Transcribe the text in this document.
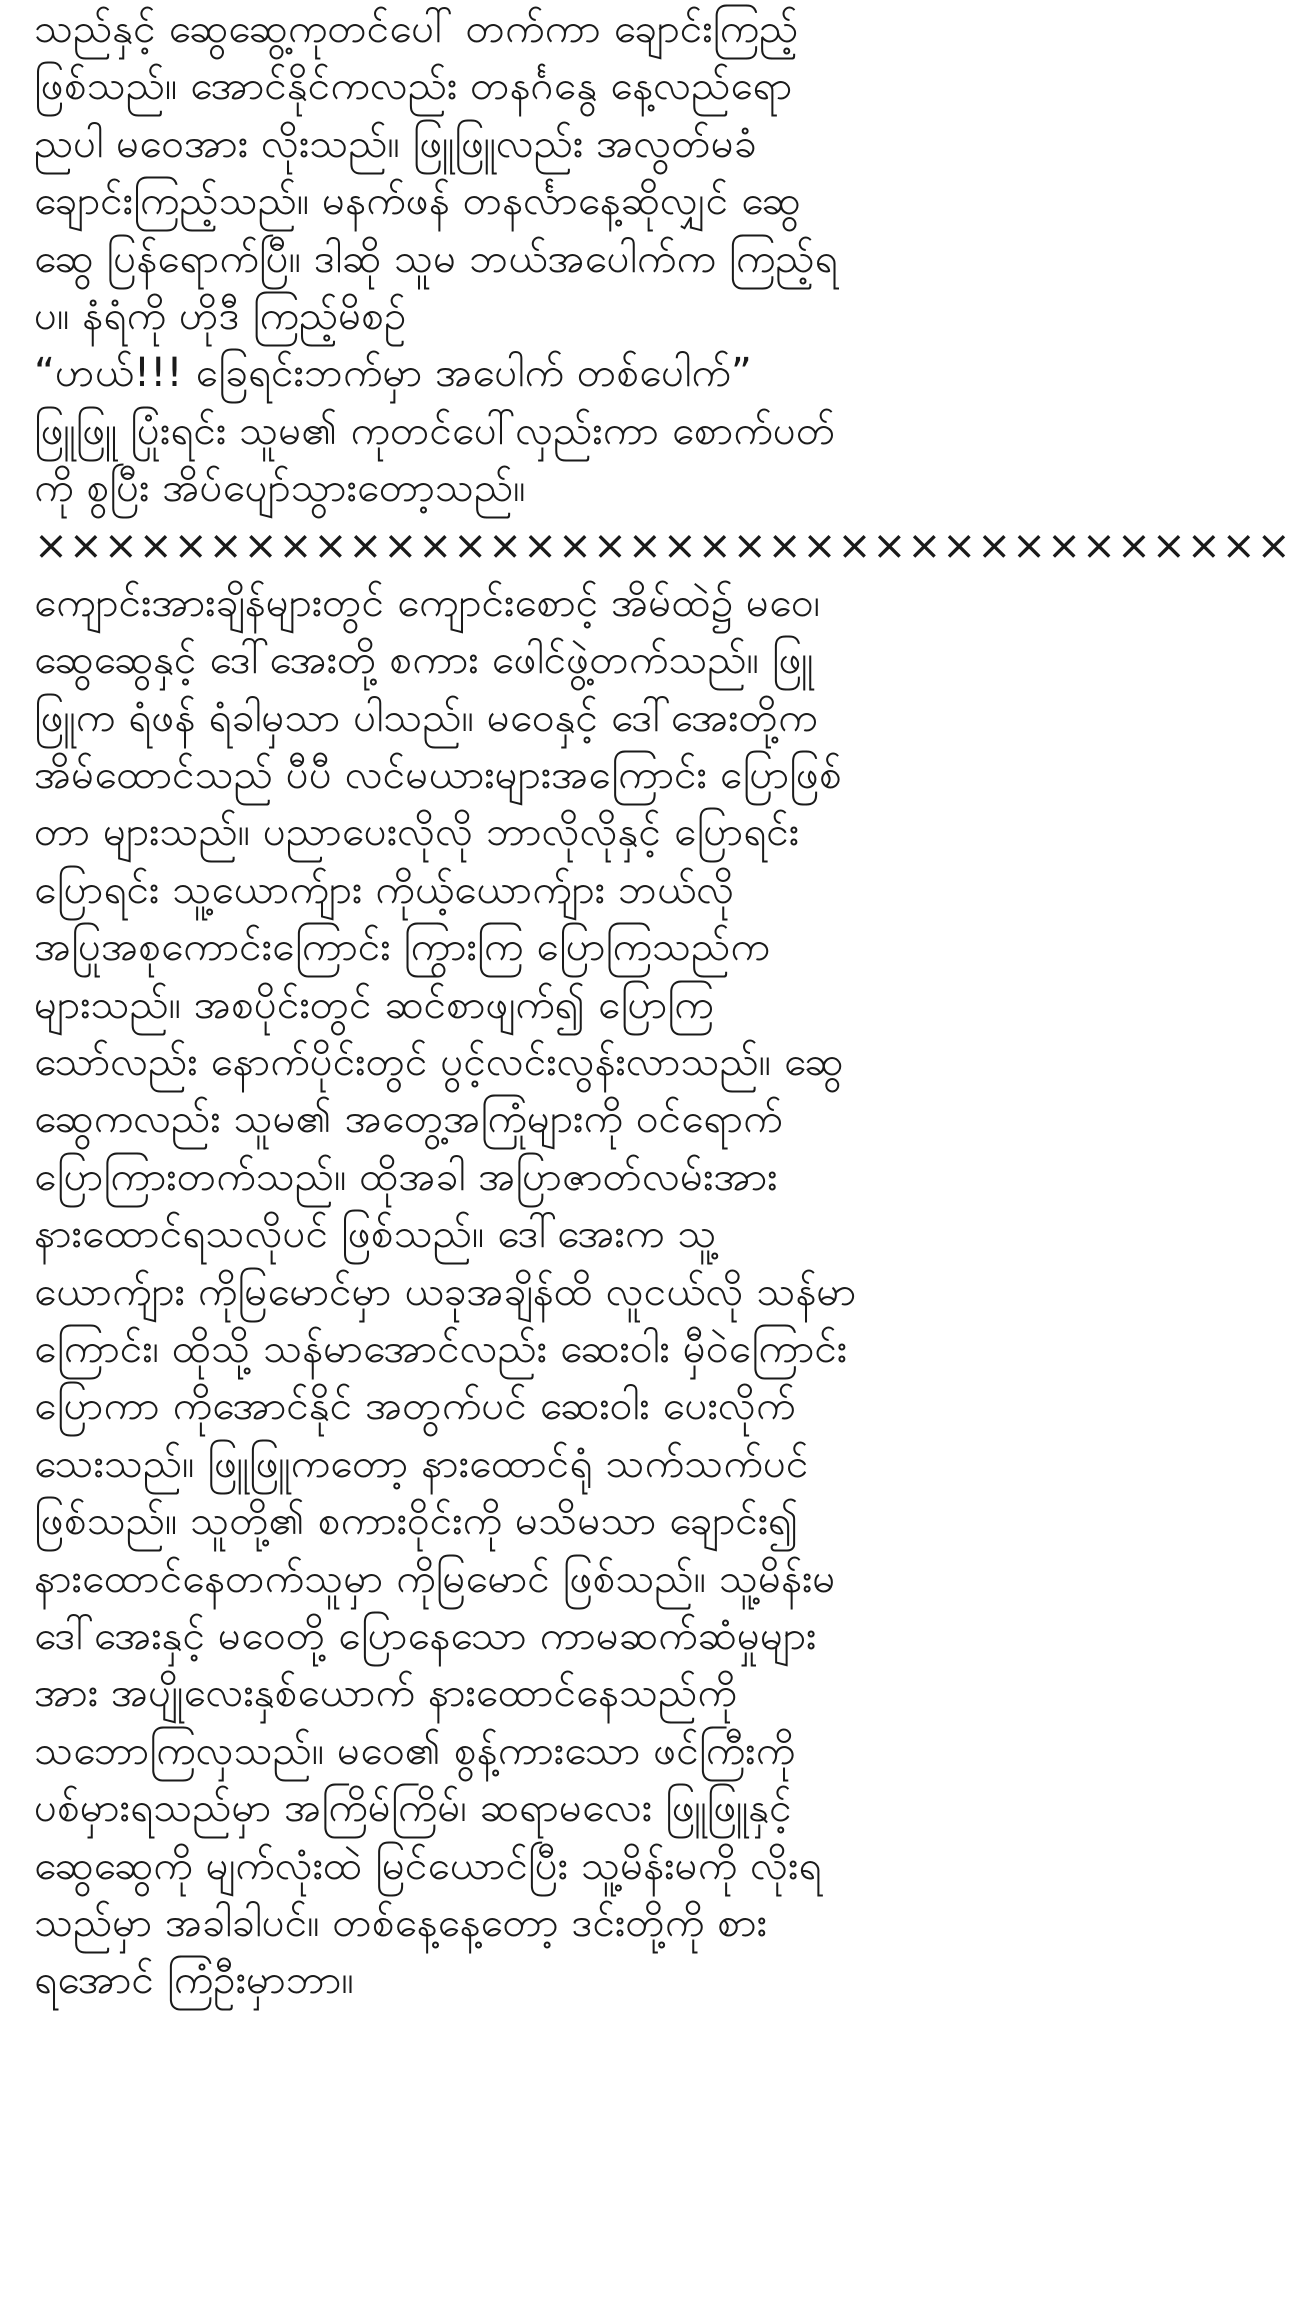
သည်နှင့် ဆွေဆွေ့ကုတင်ပေါ် တက်ကာ ချောင်းကြည့်
ဖြစ်သည်။ အောင်နိုင်ကလည်း တနင်္ဂနွေ နေ့လည်ရော
ညပါ မဝေအား လိုးသည်။ ဖြူဖြူလည်း အလွတ်မခံ
ချောင်းကြည့်သည်။ မနက်ဖန် တနင်္လာနေ့ဆိုလျှင် ဆွေ
ဆွေ ပြန်ရောက်ပြီ။ ဒါဆို သူမ ဘယ်အပေါက်က ကြည့်ရ
ပ။ နံရံကို ဟိုဒီ ကြည့်မိစဉ်
“ဟယ်!!! ခြေရင်းဘက်မှာ အပေါက် တစ်ပေါက်”
ဖြူဖြူ ပြုံးရင်း သူမ၏ ကုတင်ပေါ်လှည်းကာ စောက်ပတ်
ကို စွပြီး အိပ်ပျော်သွားတော့သည်။
××××××××××××××××××××××××××××××××××××
ကျောင်းအားချိန်များတွင် ကျောင်းစောင့် အိမ်ထဲ၌ မဝေ၊
ဆွေဆွေနှင့် ဒေါ်အေးတို့ စကား ဖေါင်ဖွဲ့တက်သည်။ ဖြူ
ဖြူက ရံဖန် ရံခါမှသာ ပါသည်။ မဝေနှင့် ဒေါ်အေးတို့က
အိမ်ထောင်သည် ပီပီ လင်မယားများအကြောင်း ပြောဖြစ်
တာ များသည်။ ပညာပေးလိုလို ဘာလိုလိုနှင့် ပြောရင်း
ပြောရင်း သူ့ယောက်ျား ကိုယ့်ယောက်ျား ဘယ်လို
အပြုအစုကောင်းကြောင်း ကြွားကြ ပြောကြသည်က
များသည်။ အစပိုင်းတွင် ဆင်စာဖျက်၍ ပြောကြ
သော်လည်း နောက်ပိုင်းတွင် ပွင့်လင်းလွန်းလာသည်။ ဆွေ
ဆွေကလည်း သူမ၏ အတွေ့အကြုံများကို ဝင်ရောက်
ပြောကြားတက်သည်။ ထိုအခါ အပြာဇာတ်လမ်းအား
နားထောင်ရသလိုပင် ဖြစ်သည်။ ဒေါ်အေးက သူ့
ယောက်ျား ကိုမြမောင်မှာ ယခုအချိန်ထိ လူငယ်လို သန်မာ
ကြောင်း၊ ထိုသို့ သန်မာအောင်လည်း ဆေးဝါး မှီဝဲကြောင်း
ပြောကာ ကိုအောင်နိုင် အတွက်ပင် ဆေးဝါး ပေးလိုက်
သေးသည်။ ဖြူဖြူကတော့ နားထောင်ရုံ သက်သက်ပင်
ဖြစ်သည်။ သူတို့၏ စကားဝိုင်းကို မသိမသာ ချောင်း၍
နားထောင်နေတက်သူမှာ ကိုမြမောင် ဖြစ်သည်။ သူ့မိန်းမ
ဒေါ်အေးနှင့် မဝေတို့ ပြောနေသော ကာမဆက်ဆံမှုများ
အား အပျိုလေးနှစ်ယောက် နားထောင်နေသည်ကို
သဘောကြလှသည်။ မဝေ၏ စွန့်ကားသော ဖင်ကြီးကို
ပစ်မှားရသည်မှာ အကြိမ်ကြိမ်၊ ဆရာမလေး ဖြူဖြူနှင့်
ဆွေဆွေကို မျက်လုံးထဲ မြင်ယောင်ပြီး သူ့မိန်းမကို လိုးရ
သည်မှာ အခါခါပင်။ တစ်နေ့နေ့တော့ ဒင်းတို့ကို စား
ရအောင် ကြံဦးမှာဘာ။
